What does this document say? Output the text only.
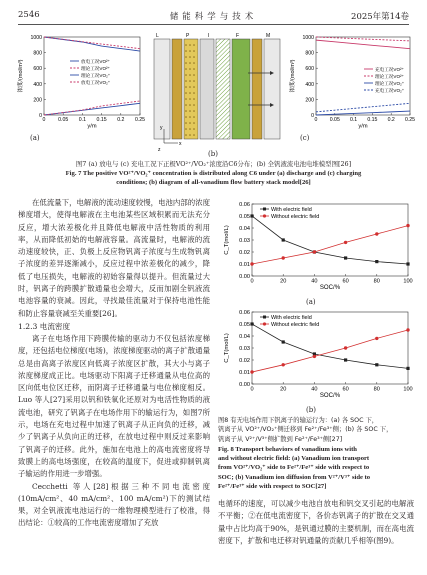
2546	储能科学与技术	2025年第14卷
0
200
400
600
800
1000
0 0.05 0.1 0.15 0.2 0.25
y/m
浓度/(mol/m³)	放电工况VO²⁺
理论工况VO²⁺
理论工况VO₂⁺
放电工况VO₂⁺
(a)
L	P	I	F	M
y
x
z	(b)
0
200
400
600
800
1000
0 0.05 0.1 0.15 0.2 0.25
y/m
浓度/(mol/m³)	充电工况VO²⁺
理论工况VO²⁺
理论工况VO₂⁺
充电工况VO₂⁺
(c)
图7 (a) 放电与 (c) 充电工况下正极VO²⁺/VO₂⁺浓度沿C6分布；(b) 全钒液流电池电堆模型图[26]
Fig. 7 The positive VO²⁺/VO₂⁺ concentration is distributed along C6 under (a) discharge and (c) charging
conditions; (b) diagram of all-vanadium flow battery stack model[26]
在低流量下，电解液的流动速度较慢，电池内部的浓度梯度增大，使得电解液在主电池某些区域积累而无法充分反应，增大浓差极化并且降低电解液中活性物质的利用率，从而降低初始的电解液容量。高流量时，电解液的流动速度较快，正、负极上反应物钒离子浓度与生成物钒离子浓度的差异逐渐减小，反应过程中浓差极化的减少，降低了电压损失，电解液的初始容量得以提升。但流量过大时，钒离子的跨膜扩散通量也会增大，反而加剧全钒液流电池容量的衰减。因此，寻找最佳流量对于保持电池性能和防止容量衰减至关重要[26]。
1.2.3 电流密度
离子在电场作用下跨膜传输的驱动力不仅包括浓度梯度，还包括电位梯度(电场)，浓度梯度驱动的离子扩散通量总是由高离子浓度区向低离子浓度区扩散，其大小与离子浓度梯度成正比。电场驱动下阳离子迁移通量从电位高的区向低电位区迁移，而阴离子迁移通量与电位梯度相反。Luo 等人[27]采用以钒和铁氧化还原对为电活性物质的液流电池，研究了钒离子在电场作用下的输运行为，如图7所示，电场在充电过程中加速了钒离子从正向负的迁移，减少了钒离子从负向正的迁移，在放电过程中则反过来影响了钒离子的迁移。此外，施加在电池上的高电流密度将导致膜上的高电场强度，在较高的温度下，促进或抑制钒离子输运的作用进一步增强。
Cecchetti 等人[28]根据三种不同电流密度(10mA/cm²、40 mA/cm²、100 mA/cm²)下的测试结果，对全钒液流电池运行的一维物理模型进行了校准，得出结论：①较高的工作电流密度增加了充放
0.00
0.01
0.02
0.03
0.04
0.05
0.06
0	20	40	60	80	100
SOC/%
C_T(mol/L)
With electric field
Without electric field
(a)
0.00
0.01
0.02
0.03
0.04
0.05
0.06
0	20	40	60	80	100
SOC/%
C_T(mol/L)
With electric field
Without electric field
(b)
图8 有无电场作用下钒离子的输运行为：(a) 各 SOC 下，
钒离子从 VO²⁺/VO₂⁺侧迁移到 Fe²⁺/Fe³⁺侧；(b) 各 SOC 下，
钒离子从 V²⁺/V³⁺侧扩散到 Fe²⁺/Fe³⁺侧[27]
Fig. 8 Transport behaviors of vanadium ions with
and without electric field: (a) Vanadium ion transport
from VO²⁺/VO₂⁺ side to Fe²⁺/Fe³⁺ side with respect to
SOC; (b) Vanadium ion diffusion from V²⁺/V³⁺ side to
Fe²⁺/Fe³⁺ side with respect to SOC[27]
电循环的速度，可以减少电池自放电和钒交叉引起的电解液不平衡；②在低电流密度下，各价态钒离子的扩散在交叉通量中占比均高于90%，是钒通过膜的主要机制，而在高电流密度下，扩散和电迁移对钒通量的贡献几乎相等(图9)。
